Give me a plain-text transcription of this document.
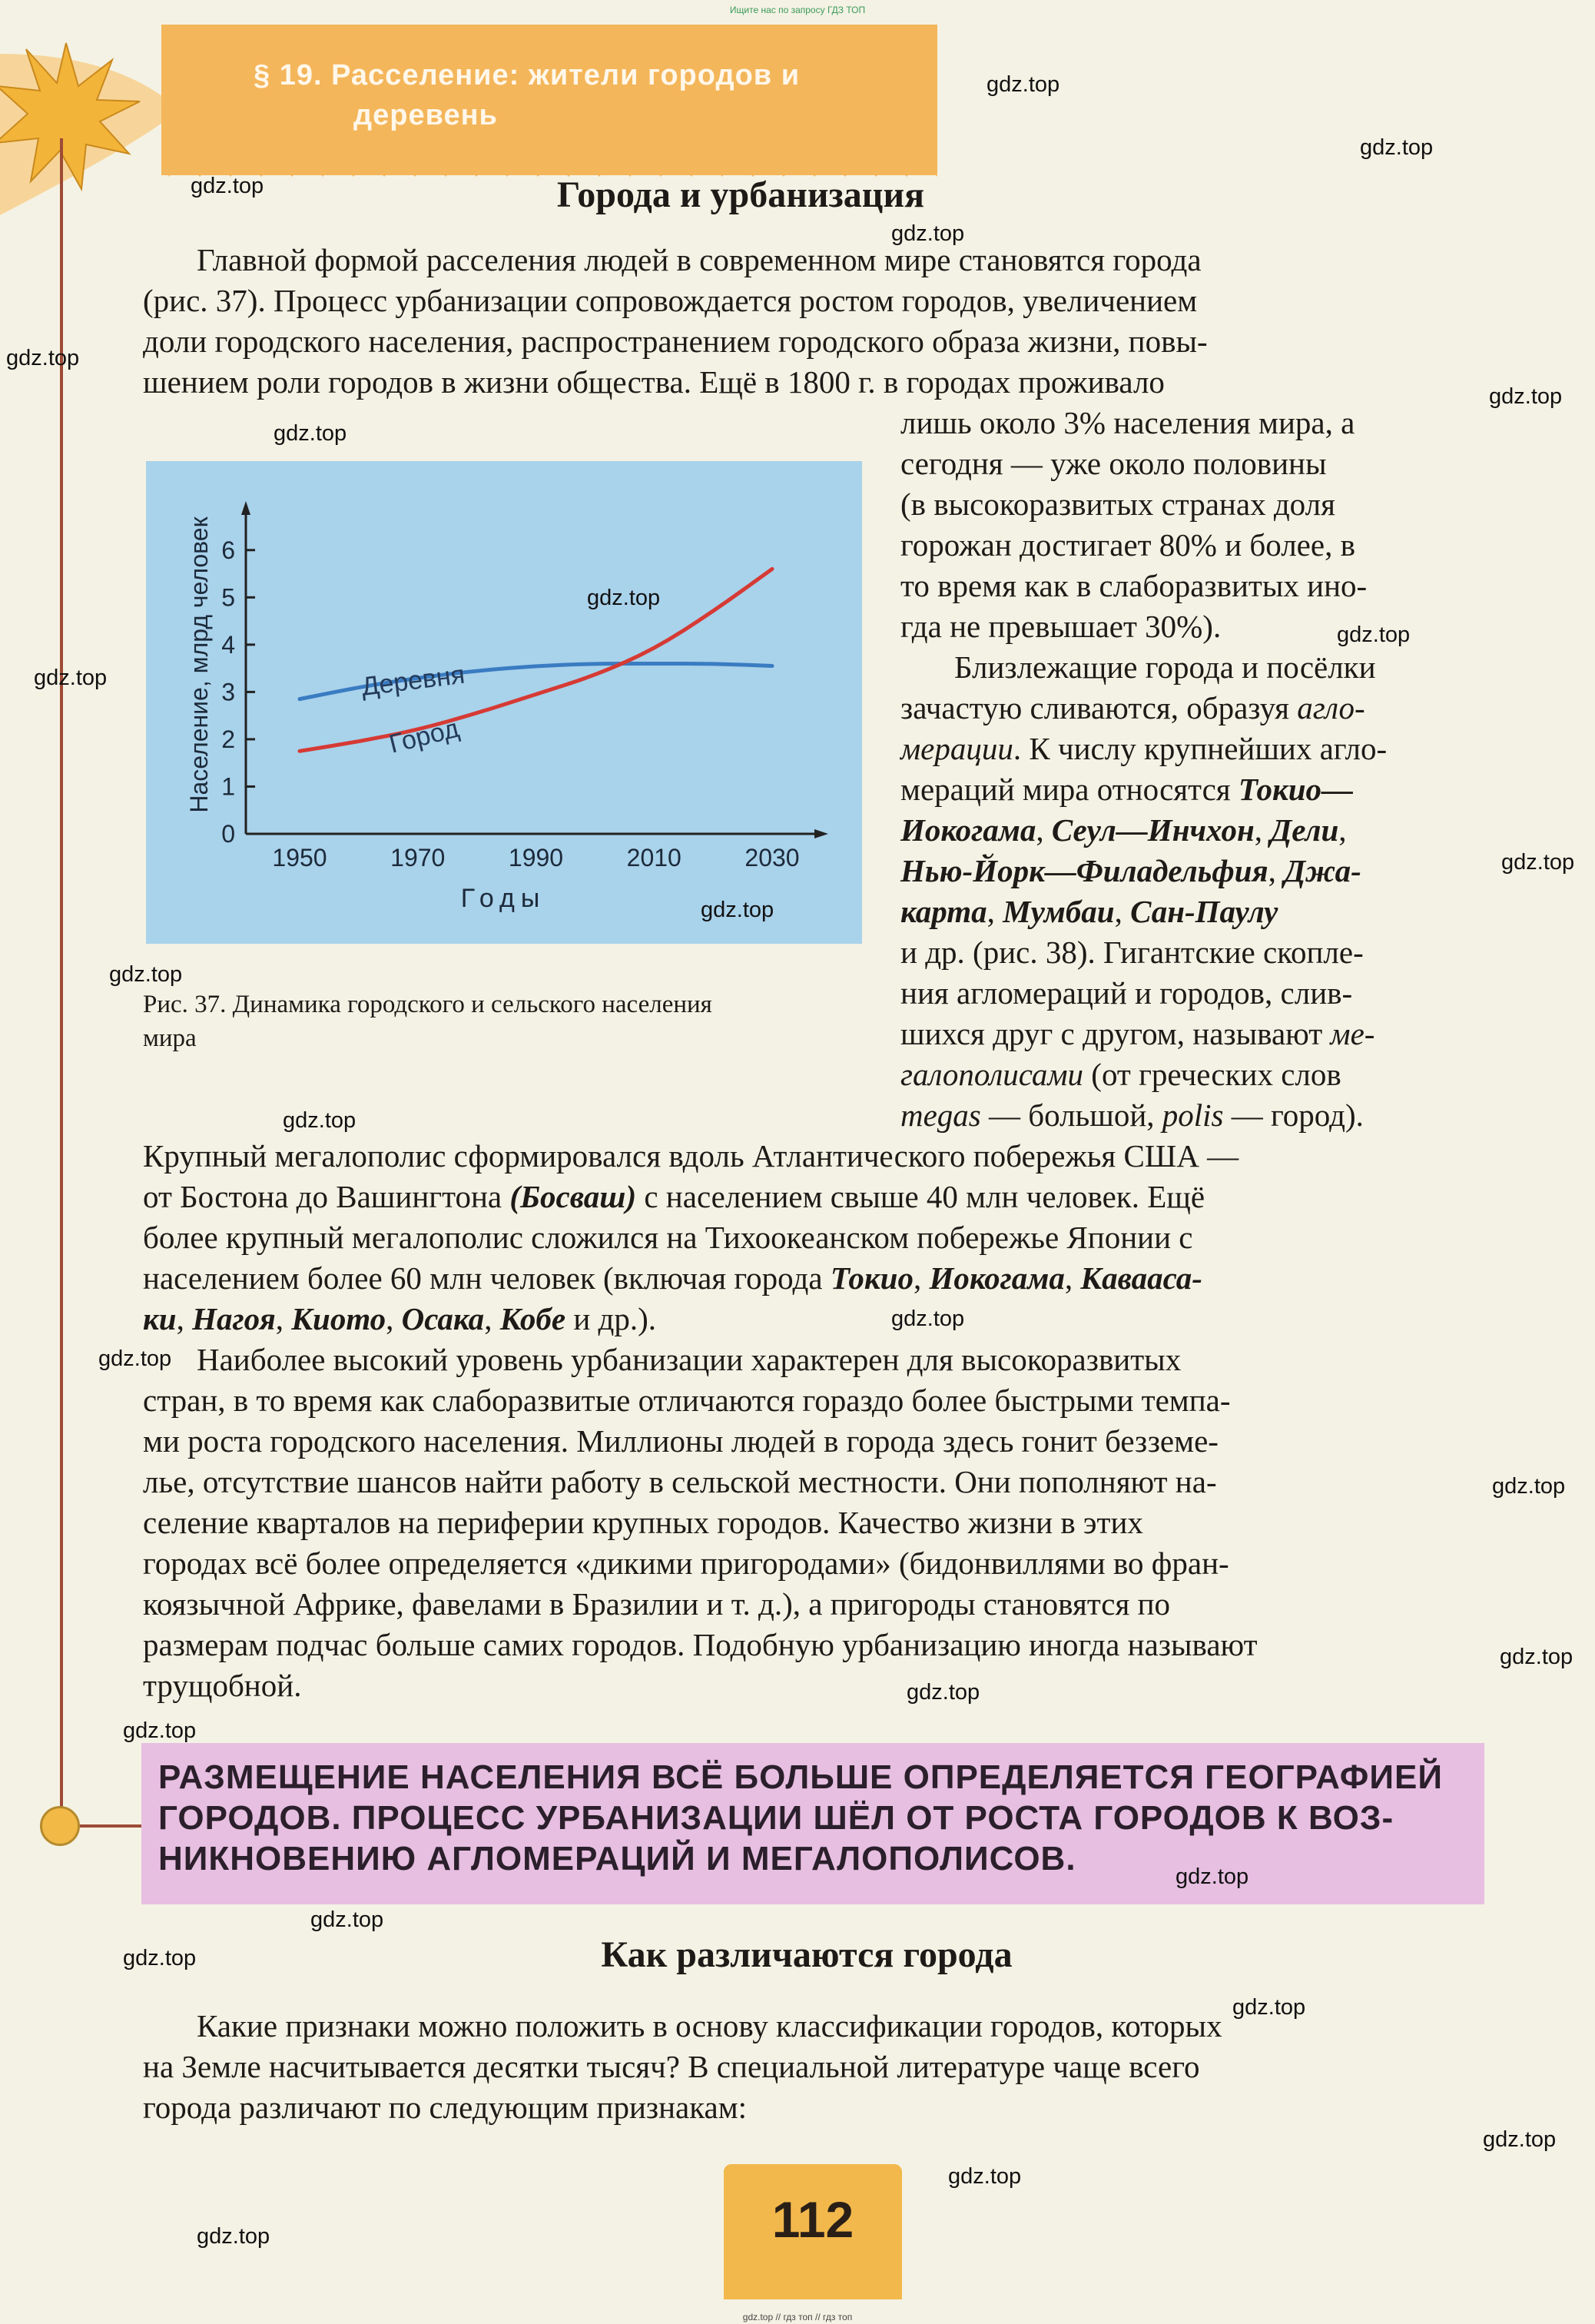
Ищите нас по запросу ГДЗ ТОП
§ 19. Расселение: жители городов и
деревень
Города и урбанизация
Главной формой расселения людей в современном мире становятся города
(рис. 37). Процесс урбанизации сопровождается ростом городов, увеличением
доли городского населения, распространением городского образа жизни, повы-
шением роли городов в жизни общества. Ещё в 1800 г. в городах проживало
лишь около 3% населения мира, а
сегодня — уже около половины
(в высокоразвитых странах доля
горожан достигает 80% и более, в
то время как в слаборазвитых ино-
гда не превышает 30%).
Близлежащие города и посёлки
зачастую сливаются, образуя агло-
мерации. К числу крупнейших агло-
мераций мира относятся Токио—
Иокогама, Сеул—Инчхон, Дели,
Нью-Йорк—Филадельфия, Джа-
карта, Мумбаи, Сан-Паулу
и др. (рис. 38). Гигантские скопле-
ния агломераций и городов, слив-
шихся друг с другом, называют ме-
галополисами (от греческих слов
megas — большой, polis — город).
0
1
2
3
4
5
6
1950	1970	1990	2010	2030
Деревня
Город
Население, млрд человек
Годы
Рис. 37. Динамика городского и сельского населения
мира
Крупный мегалополис сформировался вдоль Атлантического побережья США —
от Бостона до Вашингтона (Босваш) с населением свыше 40 млн человек. Ещё
более крупный мегалополис сложился на Тихоокеанском побережье Японии с
населением более 60 млн человек (включая города Токио, Иокогама, Кавааса-
ки, Нагоя, Киото, Осака, Кобе и др.).
Наиболее высокий уровень урбанизации характерен для высокоразвитых
стран, в то время как слаборазвитые отличаются гораздо более быстрыми темпа-
ми роста городского населения. Миллионы людей в города здесь гонит безземе-
лье, отсутствие шансов найти работу в сельской местности. Они пополняют на-
селение кварталов на периферии крупных городов. Качество жизни в этих
городах всё более определяется «дикими пригородами» (бидонвиллями во фран-
коязычной Африке, фавелами в Бразилии и т. д.), а пригороды становятся по
размерам подчас больше самих городов. Подобную урбанизацию иногда называют
трущобной.
РАЗМЕЩЕНИЕ НАСЕЛЕНИЯ ВСЁ БОЛЬШЕ ОПРЕДЕЛЯЕТСЯ ГЕОГРАФИЕЙ
ГОРОДОВ. ПРОЦЕСС УРБАНИЗАЦИИ ШЁЛ ОТ РОСТА ГОРОДОВ К ВОЗ-
НИКНОВЕНИЮ АГЛОМЕРАЦИЙ И МЕГАЛОПОЛИСОВ.
Как различаются города
Какие признаки можно положить в основу классификации городов, которых
на Земле насчитывается десятки тысяч? В специальной литературе чаще всего
города различают по следующим признакам:
112
gdz.top
gdz.top
gdz.top
gdz.top
gdz.top
gdz.top
gdz.top
gdz.top
gdz.top
gdz.top
gdz.top
gdz.top
gdz.top
gdz.top
gdz.top
gdz.top
gdz.top
gdz.top
gdz.top
gdz.top
gdz.top
gdz.top
gdz.top
gdz.top
gdz.top
gdz.top
gdz.top
gdz.top // гдз топ // гдз топ
